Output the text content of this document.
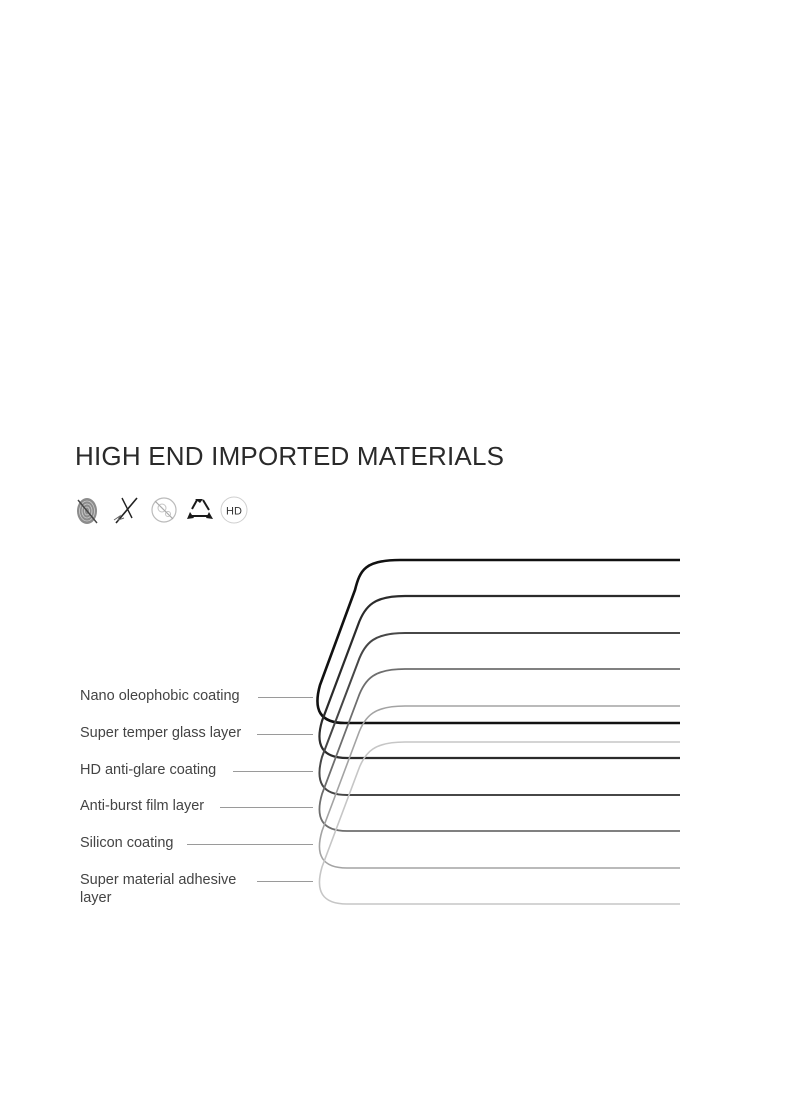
HIGH END IMPORTED MATERIALS
HD
Nano oleophobic coating
Super temper glass layer
HD anti-glare coating
Anti-burst film layer
Silicon coating
Super material adhesive layer
